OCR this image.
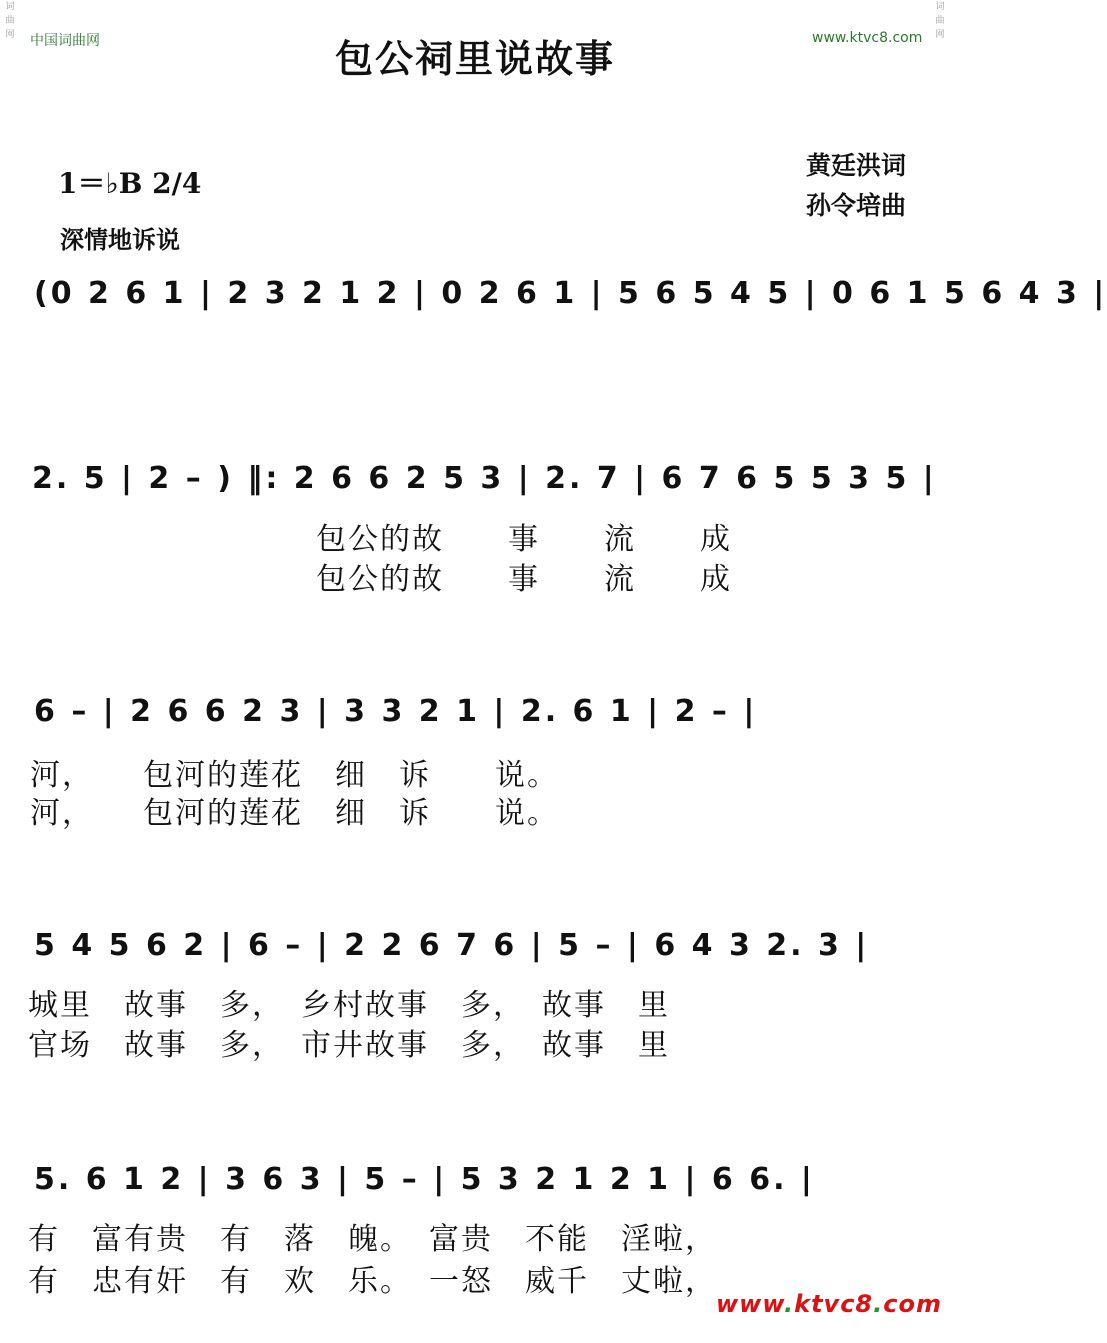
中国词曲网	www.ktvc8.com
包公祠里说故事
黄廷洪词
孙令培曲
1＝♭B 2/4
深情地诉说
(0 2 6 1 | 2 3 2 1 2 | 0 2 6 1 | 5 6 5 4 5 | 0 6 1 5 6 4 3 |
2. 5 | 2 – ) ‖: 2 6 6 2 5 3 | 2. 7 | 6 7 6 5 5 3 5 |
包公的故　　事　　流　　成
包公的故　　事　　流　　成
6 – | 2 6 6 2 3 | 3 3 2 1 | 2. 6 1 | 2 – |
河，　　包河的莲花　细　诉　　说。
河，　　包河的莲花　细　诉　　说。
5 4 5 6 2 | 6 – | 2 2 6 7 6 | 5 – | 6 4 3 2. 3 |
城里　故事　多，　乡村故事　多，　故事　里
官场　故事　多，　市井故事　多，　故事　里
5. 6 1 2 | 3 6 3 | 5 – | 5 3 2 1 2 1 | 6 6. |
有　富有贵　有　落　魄。　富贵　不能　淫啦，
有　忠有奸　有　欢　乐。　一怒　威千　丈啦，
词曲网
词曲网
www.ktvc8.com
